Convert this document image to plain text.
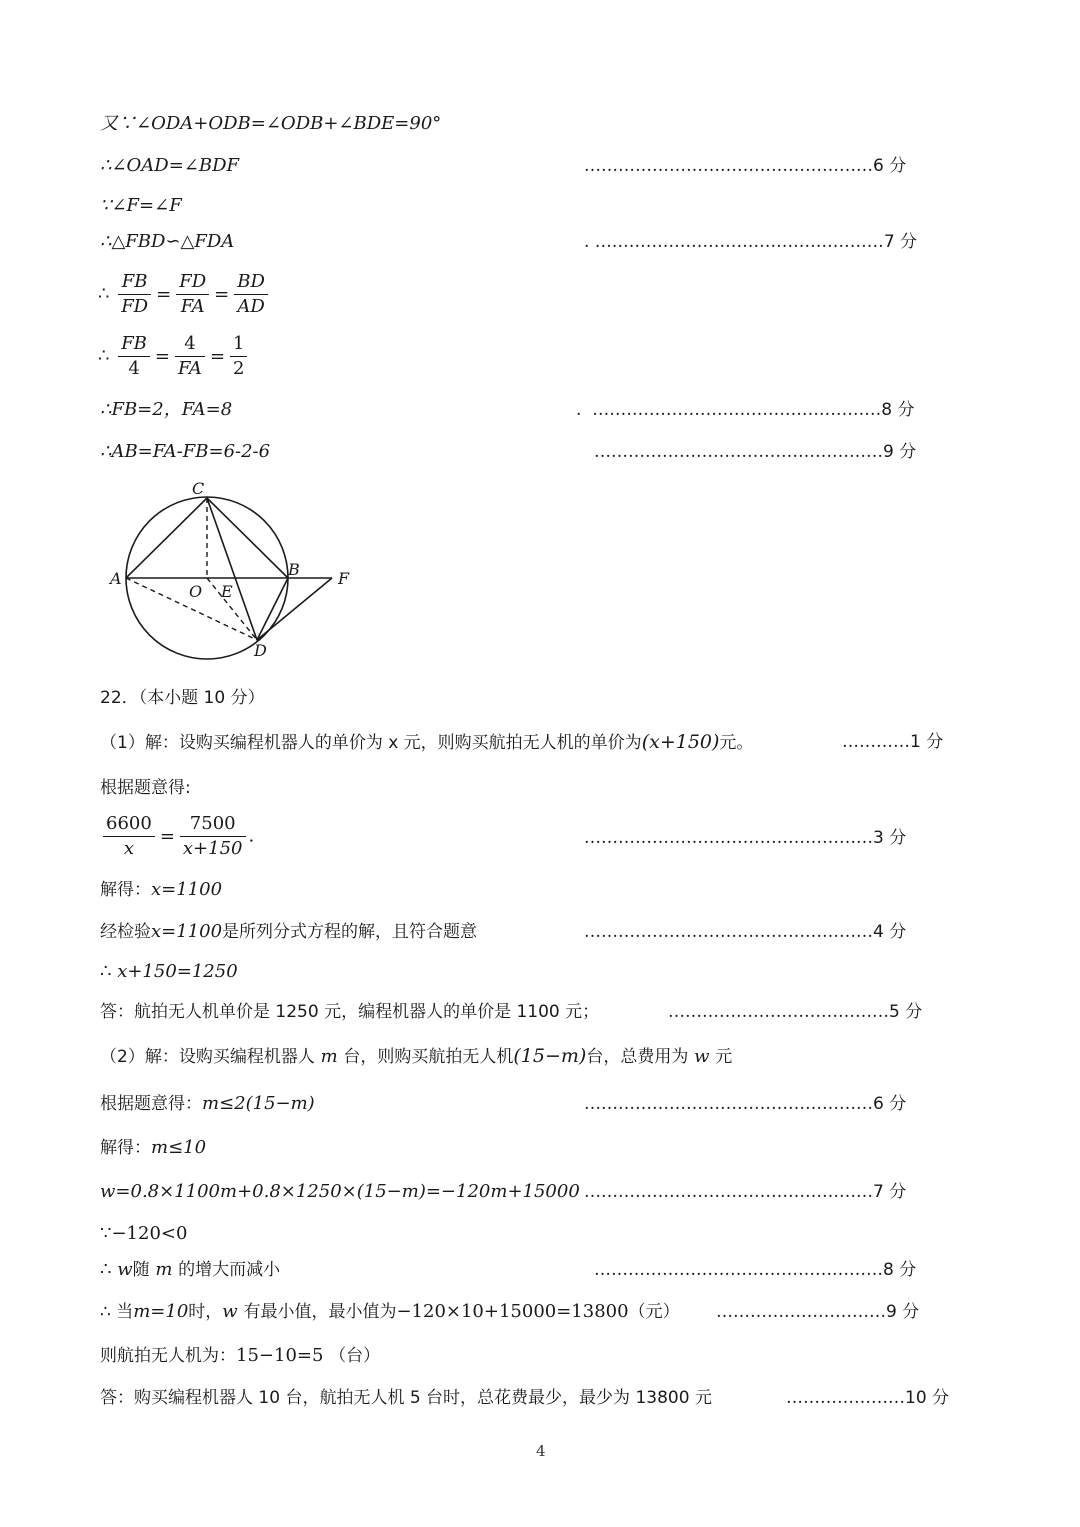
又∵∠ODA+ODB=∠ODB+∠BDE=90°
∴∠OAD=∠BDF	……………………………………………6 分
∵∠F=∠F
∴△FBD∽△FDA	. ……………………………………………7 分
∴ $\frac{FB}{FD} = \frac{FD}{FA} = \frac{BD}{AD}$
∴ $\frac{FB}{4} = \frac{4}{FA} = \frac{1}{2}$
∴FB=2，FA=8	.  ……………………………………………8 分
∴AB=FA-FB=6-2-6	……………………………………………9 分
C
A	B F
O E
D
22．（本小题 10 分）
（1）解：设购买编程机器人的单价为 x 元，则购买航拍无人机的单价为(x+150)元。	…………1 分
根据题意得:
$\frac{6600}{x} = \frac{7500}{x+150}$ .	……………………………………………3 分
解得：x=1100
经检验x=1100是所列分式方程的解，且符合题意	……………………………………………4 分
∴ x+150=1250
答：航拍无人机单价是 1250 元，编程机器人的单价是 1100 元；	…………………………………5 分
（2）解：设购买编程机器人 m 台，则购买航拍无人机(15−m)台，总费用为 w 元
根据题意得：m≤2(15−m)	……………………………………………6 分
解得：m≤10
w=0.8×1100m+0.8×1250×(15−m)=−120m+15000 ……………………………………………7 分
∵−120<0
∴ w随 m 的增大而减小	……………………………………………8 分
∴ 当m=10时，w 有最小值，最小值为−120×10+15000=13800（元） …………………………9 分
则航拍无人机为：15−10=5 （台）
答：购买编程机器人 10 台，航拍无人机 5 台时，总花费最少，最少为 13800 元	…………………10 分
4
